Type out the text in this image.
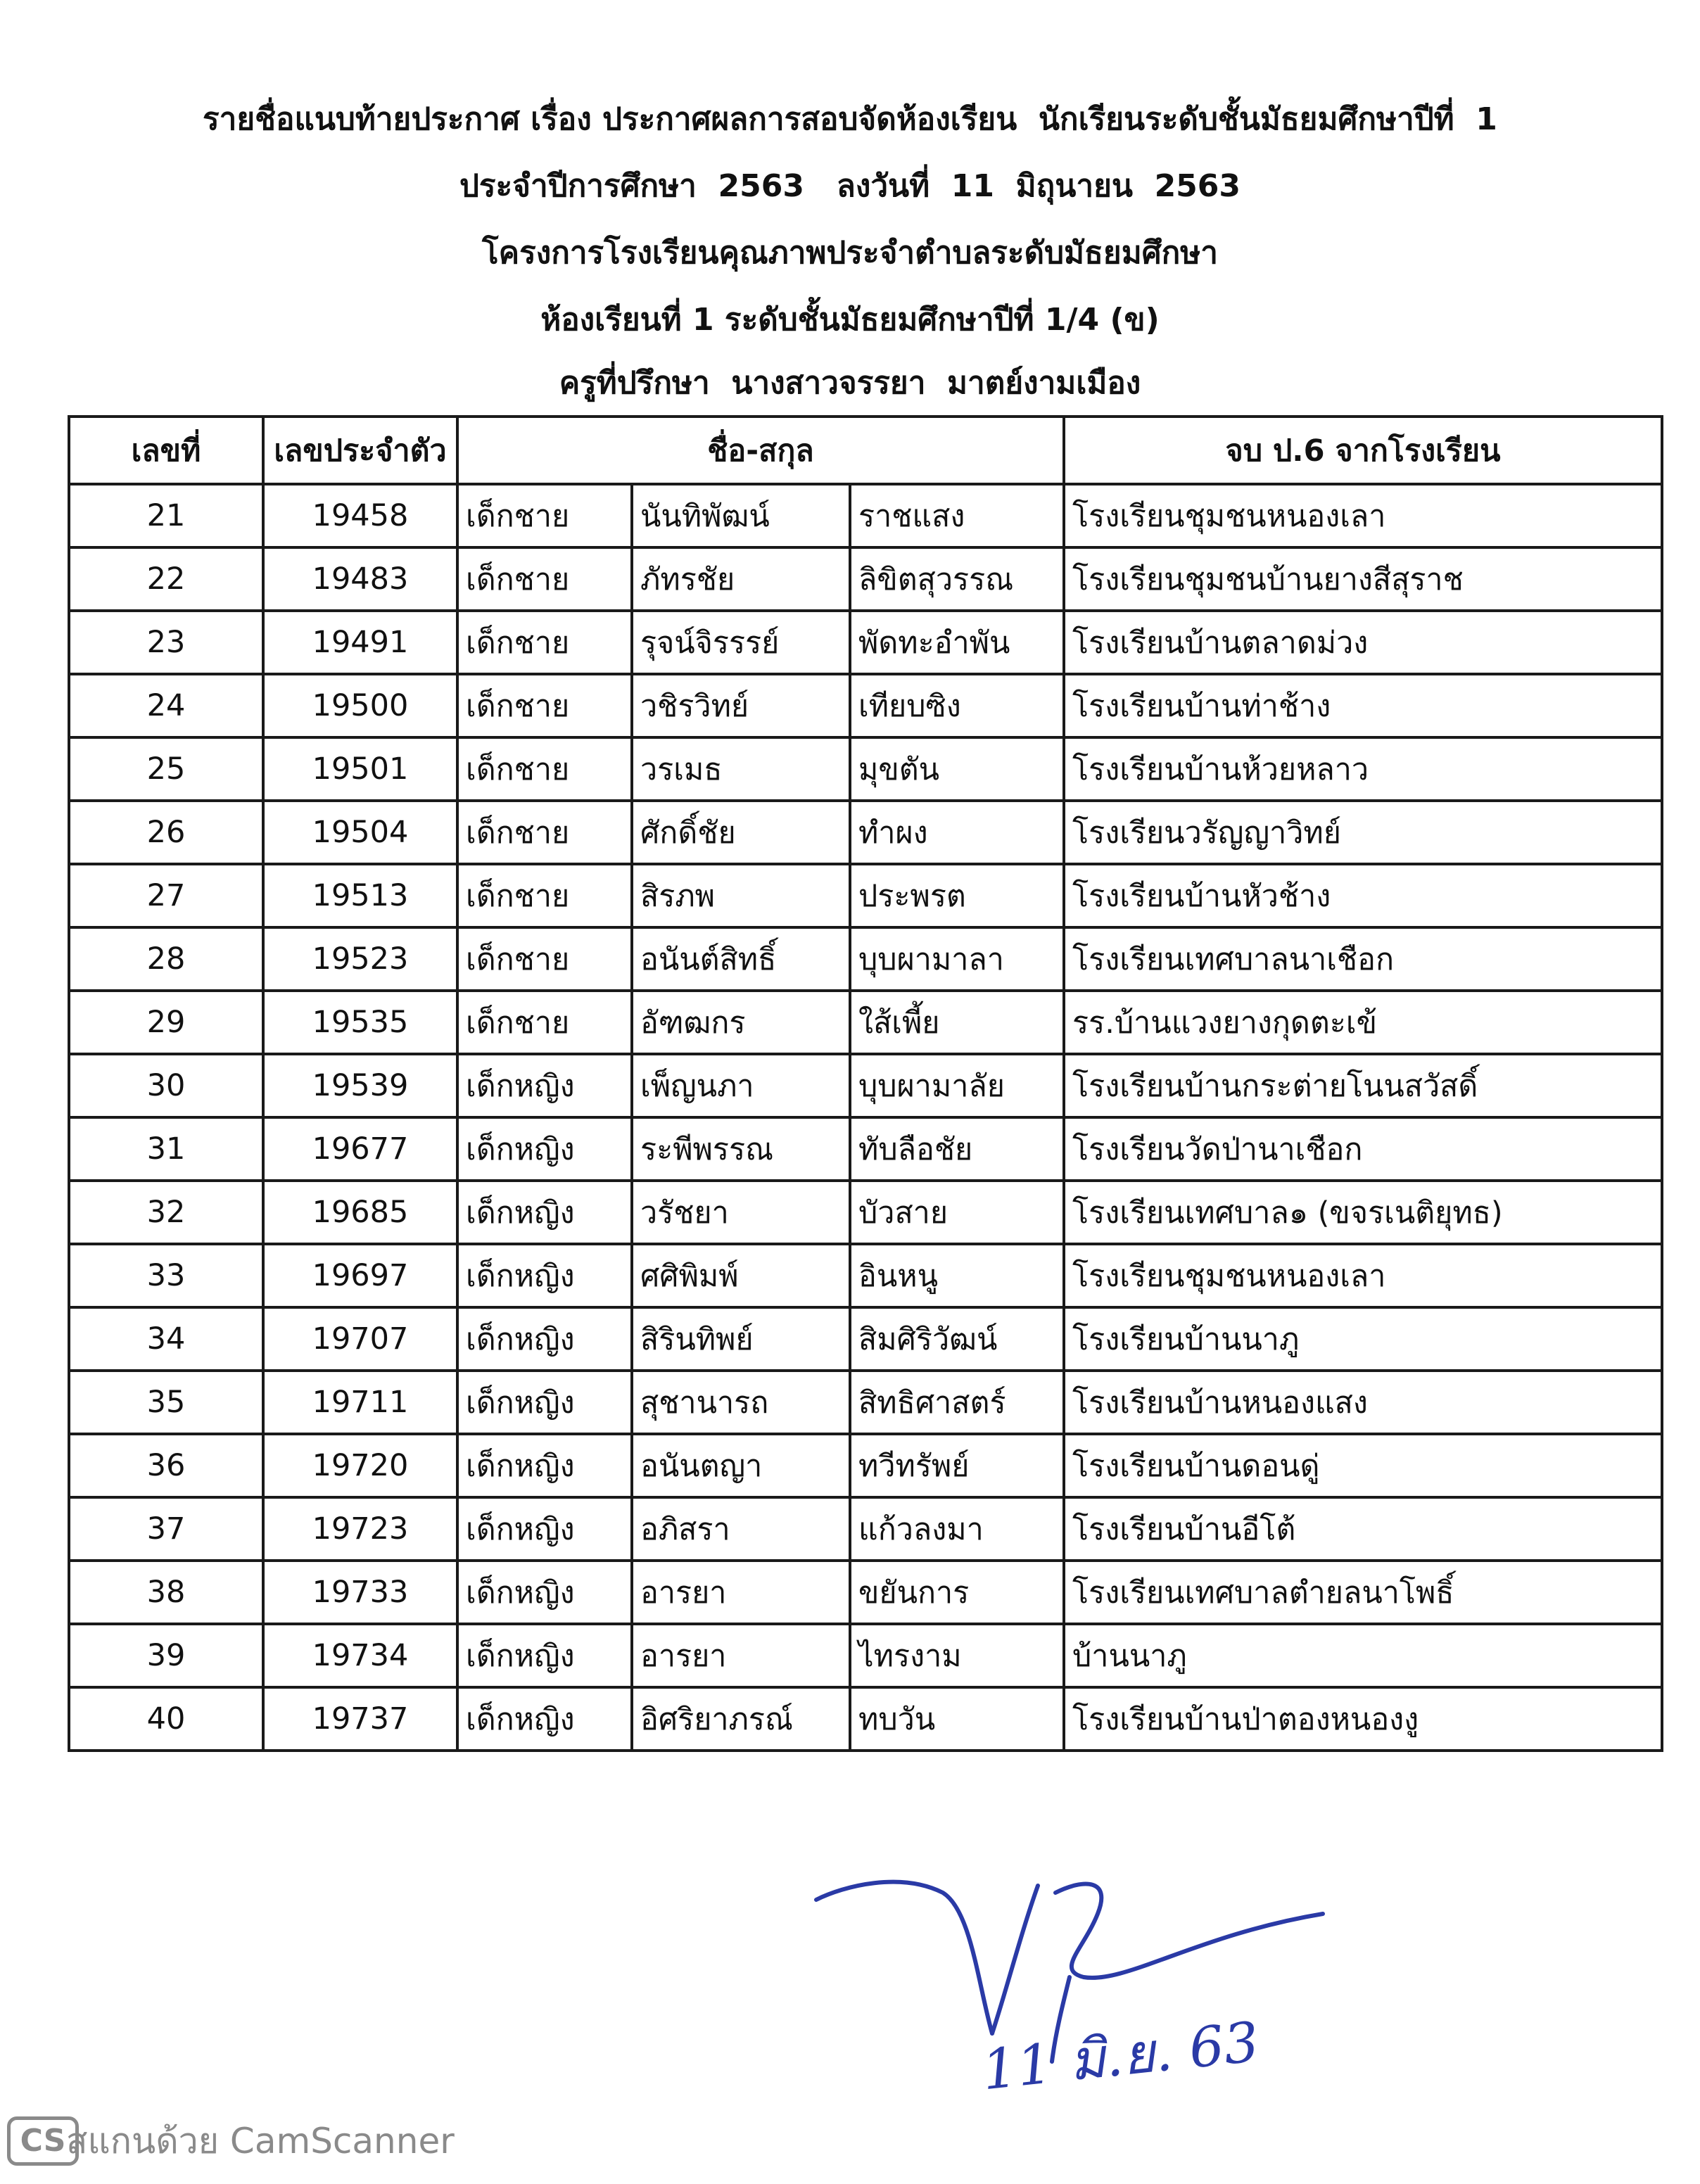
รายชื่อแนบท้ายประกาศ เรื่อง ประกาศผลการสอบจัดห้องเรียน  นักเรียนระดับชั้นมัธยมศึกษาปีที่  1
ประจำปีการศึกษา  2563   ลงวันที่  11  มิถุนายน  2563
โครงการโรงเรียนคุณภาพประจำตำบลระดับมัธยมศึกษา
ห้องเรียนที่ 1 ระดับชั้นมัธยมศึกษาปีที่ 1/4 (ข)
ครูที่ปรึกษา  นางสาวจรรยา  มาตย์งามเมือง
เลขที่	เลขประจำตัว	ชื่อ-สกุล			จบ ป.6 จากโรงเรียน
21	19458	เด็กชาย	นันทิพัฒน์	ราชแสง	โรงเรียนชุมชนหนองเลา
22	19483	เด็กชาย	ภัทรชัย	ลิขิตสุวรรณ	โรงเรียนชุมชนบ้านยางสีสุราช
23	19491	เด็กชาย	รุจน์จิรรรย์	พัดทะอำพัน	โรงเรียนบ้านตลาดม่วง
24	19500	เด็กชาย	วชิรวิทย์	เทียบซิง	โรงเรียนบ้านท่าช้าง
25	19501	เด็กชาย	วรเมธ	มุขตัน	โรงเรียนบ้านห้วยหลาว
26	19504	เด็กชาย	ศักดิ์ชัย	ทำผง	โรงเรียนวรัญญาวิทย์
27	19513	เด็กชาย	สิรภพ	ประพรต	โรงเรียนบ้านหัวช้าง
28	19523	เด็กชาย	อนันต์สิทธิ์	บุบผามาลา	โรงเรียนเทศบาลนาเชือก
29	19535	เด็กชาย	อัฑฒกร	ใส้เพี้ย	รร.บ้านแวงยางกุดตะเข้
30	19539	เด็กหญิง	เพ็ญนภา	บุบผามาลัย	โรงเรียนบ้านกระต่ายโนนสวัสดิ์
31	19677	เด็กหญิง	ระพีพรรณ	ทับลือชัย	โรงเรียนวัดป่านาเชือก
32	19685	เด็กหญิง	วรัชยา	บัวสาย	โรงเรียนเทศบาล๑ (ขจรเนติยุทธ)
33	19697	เด็กหญิง	ศศิพิมพ์	อินหนู	โรงเรียนชุมชนหนองเลา
34	19707	เด็กหญิง	สิรินทิพย์	สิมศิริวัฒน์	โรงเรียนบ้านนาภู
35	19711	เด็กหญิง	สุชานารถ	สิทธิศาสตร์	โรงเรียนบ้านหนองแสง
36	19720	เด็กหญิง	อนันตญา	ทวีทรัพย์	โรงเรียนบ้านดอนดู่
37	19723	เด็กหญิง	อภิสรา	แก้วลงมา	โรงเรียนบ้านอีโต้
38	19733	เด็กหญิง	อารยา	ขยันการ	โรงเรียนเทศบาลตำยลนาโพธิ์
39	19734	เด็กหญิง	อารยา	ไทรงาม	บ้านนาภู
40	19737	เด็กหญิง	อิศริยาภรณ์	ทบวัน	โรงเรียนบ้านป่าตองหนองงู
11 มิ.ย. 63
CS สแกนด้วย CamScanner
